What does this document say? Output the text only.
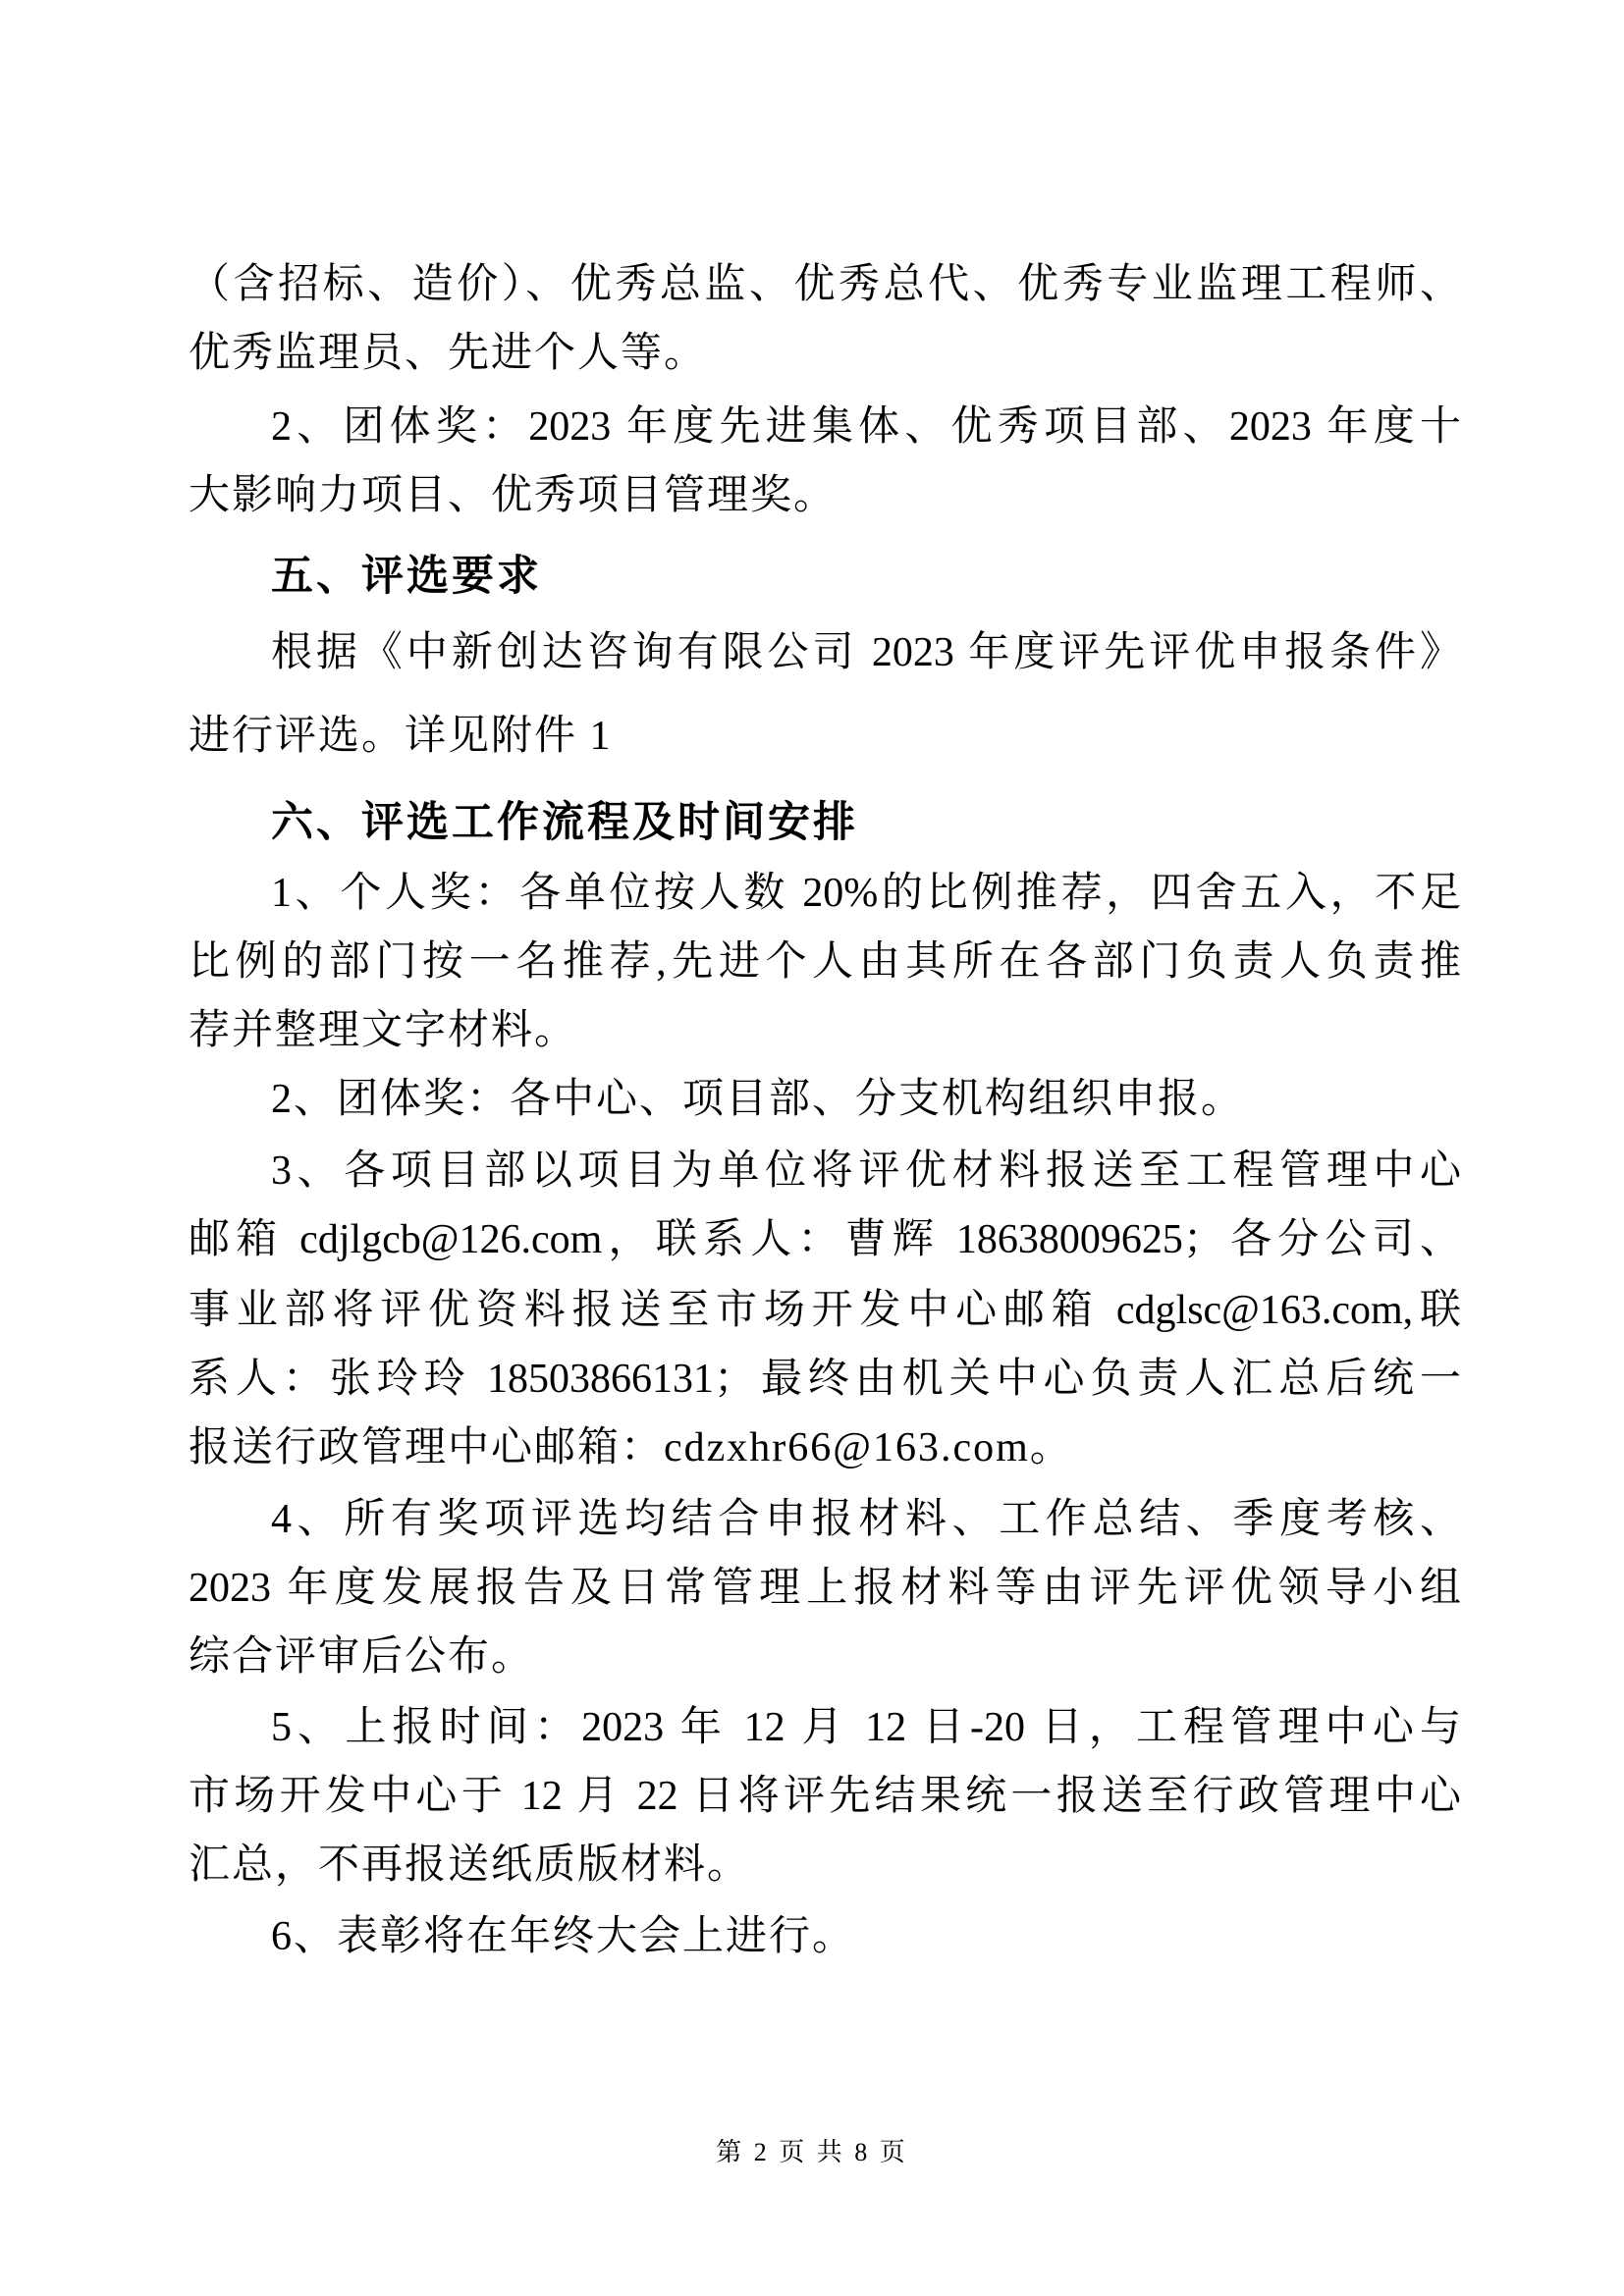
（含招标、造价）、优秀总监、优秀总代、优秀专业监理工程师、
优秀监理员、先进个人等。
2、团体奖：2023 年度先进集体、优秀项目部、2023 年度十
大影响力项目、优秀项目管理奖。
五、评选要求
根据《中新创达咨询有限公司 2023 年度评先评优申报条件》
进行评选。详见附件 1
六、评选工作流程及时间安排
1、个人奖：各单位按人数 20%的比例推荐，四舍五入，不足
比例的部门按一名推荐,先进个人由其所在各部门负责人负责推
荐并整理文字材料。
2、团体奖：各中心、项目部、分支机构组织申报。
3、各项目部以项目为单位将评优材料报送至工程管理中心
邮箱 cdjlgcb@126.com，联系人：曹辉 18638009625；各分公司、
事业部将评优资料报送至市场开发中心邮箱 cdglsc@163.com,联
系人：张玲玲 18503866131；最终由机关中心负责人汇总后统一
报送行政管理中心邮箱：cdzxhr66@163.com。
4、所有奖项评选均结合申报材料、工作总结、季度考核、
2023 年度发展报告及日常管理上报材料等由评先评优领导小组
综合评审后公布。
5、上报时间：2023 年 12 月 12 日-20 日，工程管理中心与
市场开发中心于 12 月 22 日将评先结果统一报送至行政管理中心
汇总，不再报送纸质版材料。
6、表彰将在年终大会上进行。
第 2 页 共 8 页
